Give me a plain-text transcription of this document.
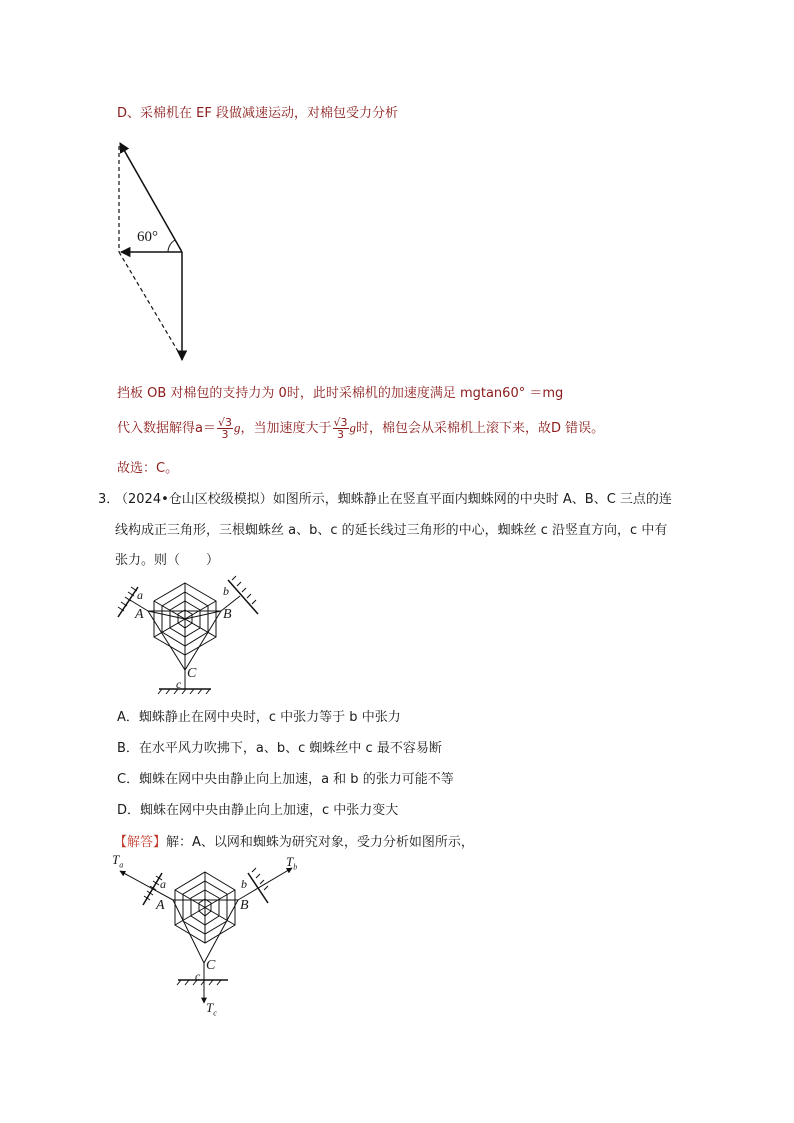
D、采棉机在 EF 段做减速运动，对棉包受力分析
60°
挡板 OB 对棉包的支持力为 0时，此时采棉机的加速度满足 mgtan60° ＝mg
代入数据解得$a= \frac{√3}{3}$ g，当加速度大于 $\frac{√3}{3}$ g时，棉包会从采棉机上滚下来，故D 错误。
故选：C。
3．
（2024•仓山区校级模拟）如图所示，蜘蛛静止在竖直平面内蜘蛛网的中央时 A、B、C 三点的连
线构成正三角形，三根蜘蛛丝 a、b、c 的延长线过三角形的中心，蜘蛛丝 c 沿竖直方向，c 中有
张力。则（　　）
a	b
c
A	B
C
A．蜘蛛静止在网中央时，c 中张力等于 b 中张力
B．在水平风力吹拂下，a、b、c 蜘蛛丝中 c 最不容易断
C．蜘蛛在网中央由静止向上加速，a 和 b 的张力可能不等
D．蜘蛛在网中央由静止向上加速，c 中张力变大
【解答】解：A、以网和蜘蛛为研究对象，受力分析如图所示，
$T_a$	$T_b$
$T_c$
a	b
c
A	B
C
